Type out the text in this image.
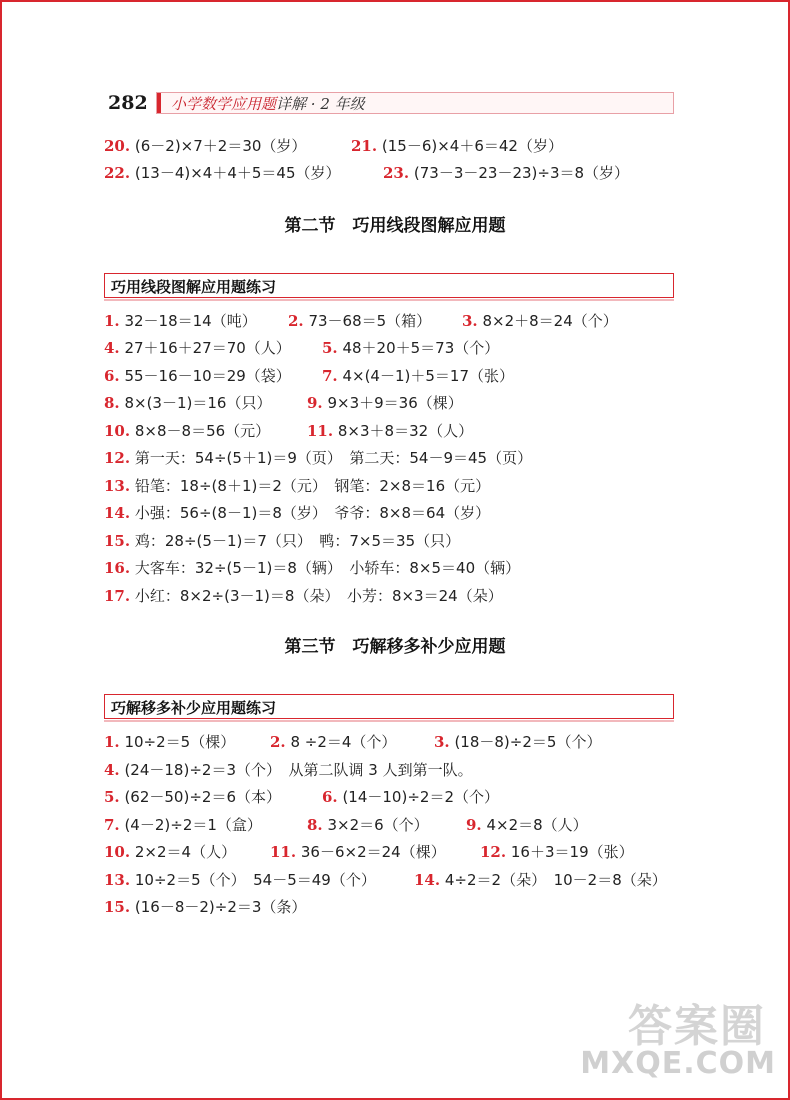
282 小学数学应用题详解 · 2 年级
20. (6－2)×7＋2＝30（岁）	21. (15－6)×4＋6＝42（岁）
22. (13－4)×4＋4＋5＝45（岁）	23. (73－3－23－23)÷3＝8（岁）
第二节　巧用线段图解应用题
巧用线段图解应用题练习
1. 32－18＝14（吨） 2. 73－68＝5（箱） 3. 8×2＋8＝24（个）
4. 27＋16＋27＝70（人） 5. 48＋20＋5＝73（个）
6. 55－16－10＝29（袋） 7. 4×(4－1)＋5＝17（张）
8. 8×(3－1)＝16（只） 9. 9×3＋9＝36（棵）
10. 8×8－8＝56（元） 11. 8×3＋8＝32（人）
12. 第一天：54÷(5＋1)＝9（页）　第二天：54－9＝45（页）
13. 铅笔：18÷(8＋1)＝2（元）　钢笔：2×8＝16（元）
14. 小强：56÷(8－1)＝8（岁）　爷爷：8×8＝64（岁）
15. 鸡：28÷(5－1)＝7（只）　鸭：7×5＝35（只）
16. 大客车：32÷(5－1)＝8（辆）　小轿车：8×5＝40（辆）
17. 小红：8×2÷(3－1)＝8（朵）　小芳：8×3＝24（朵）
第三节　巧解移多补少应用题
巧解移多补少应用题练习
1. 10÷2＝5（棵） 2. 8 ÷2＝4（个）	3. (18－8)÷2＝5（个）
4. (24－18)÷2＝3（个）　从第二队调 3 人到第一队。
5. (62－50)÷2＝6（本）	6. (14－10)÷2＝2（个）
7. (4－2)÷2＝1（盒）	8. 3×2＝6（个） 9. 4×2＝8（人）
10. 2×2＝4（人） 11. 36－6×2＝24（棵） 12. 16＋3＝19（张）
13. 10÷2＝5（个）　54－5＝49（个）	14. 4÷2＝2（朵）　10－2＝8（朵）
15. (16－8－2)÷2＝3（条）
答案圈
MXQE.COM
